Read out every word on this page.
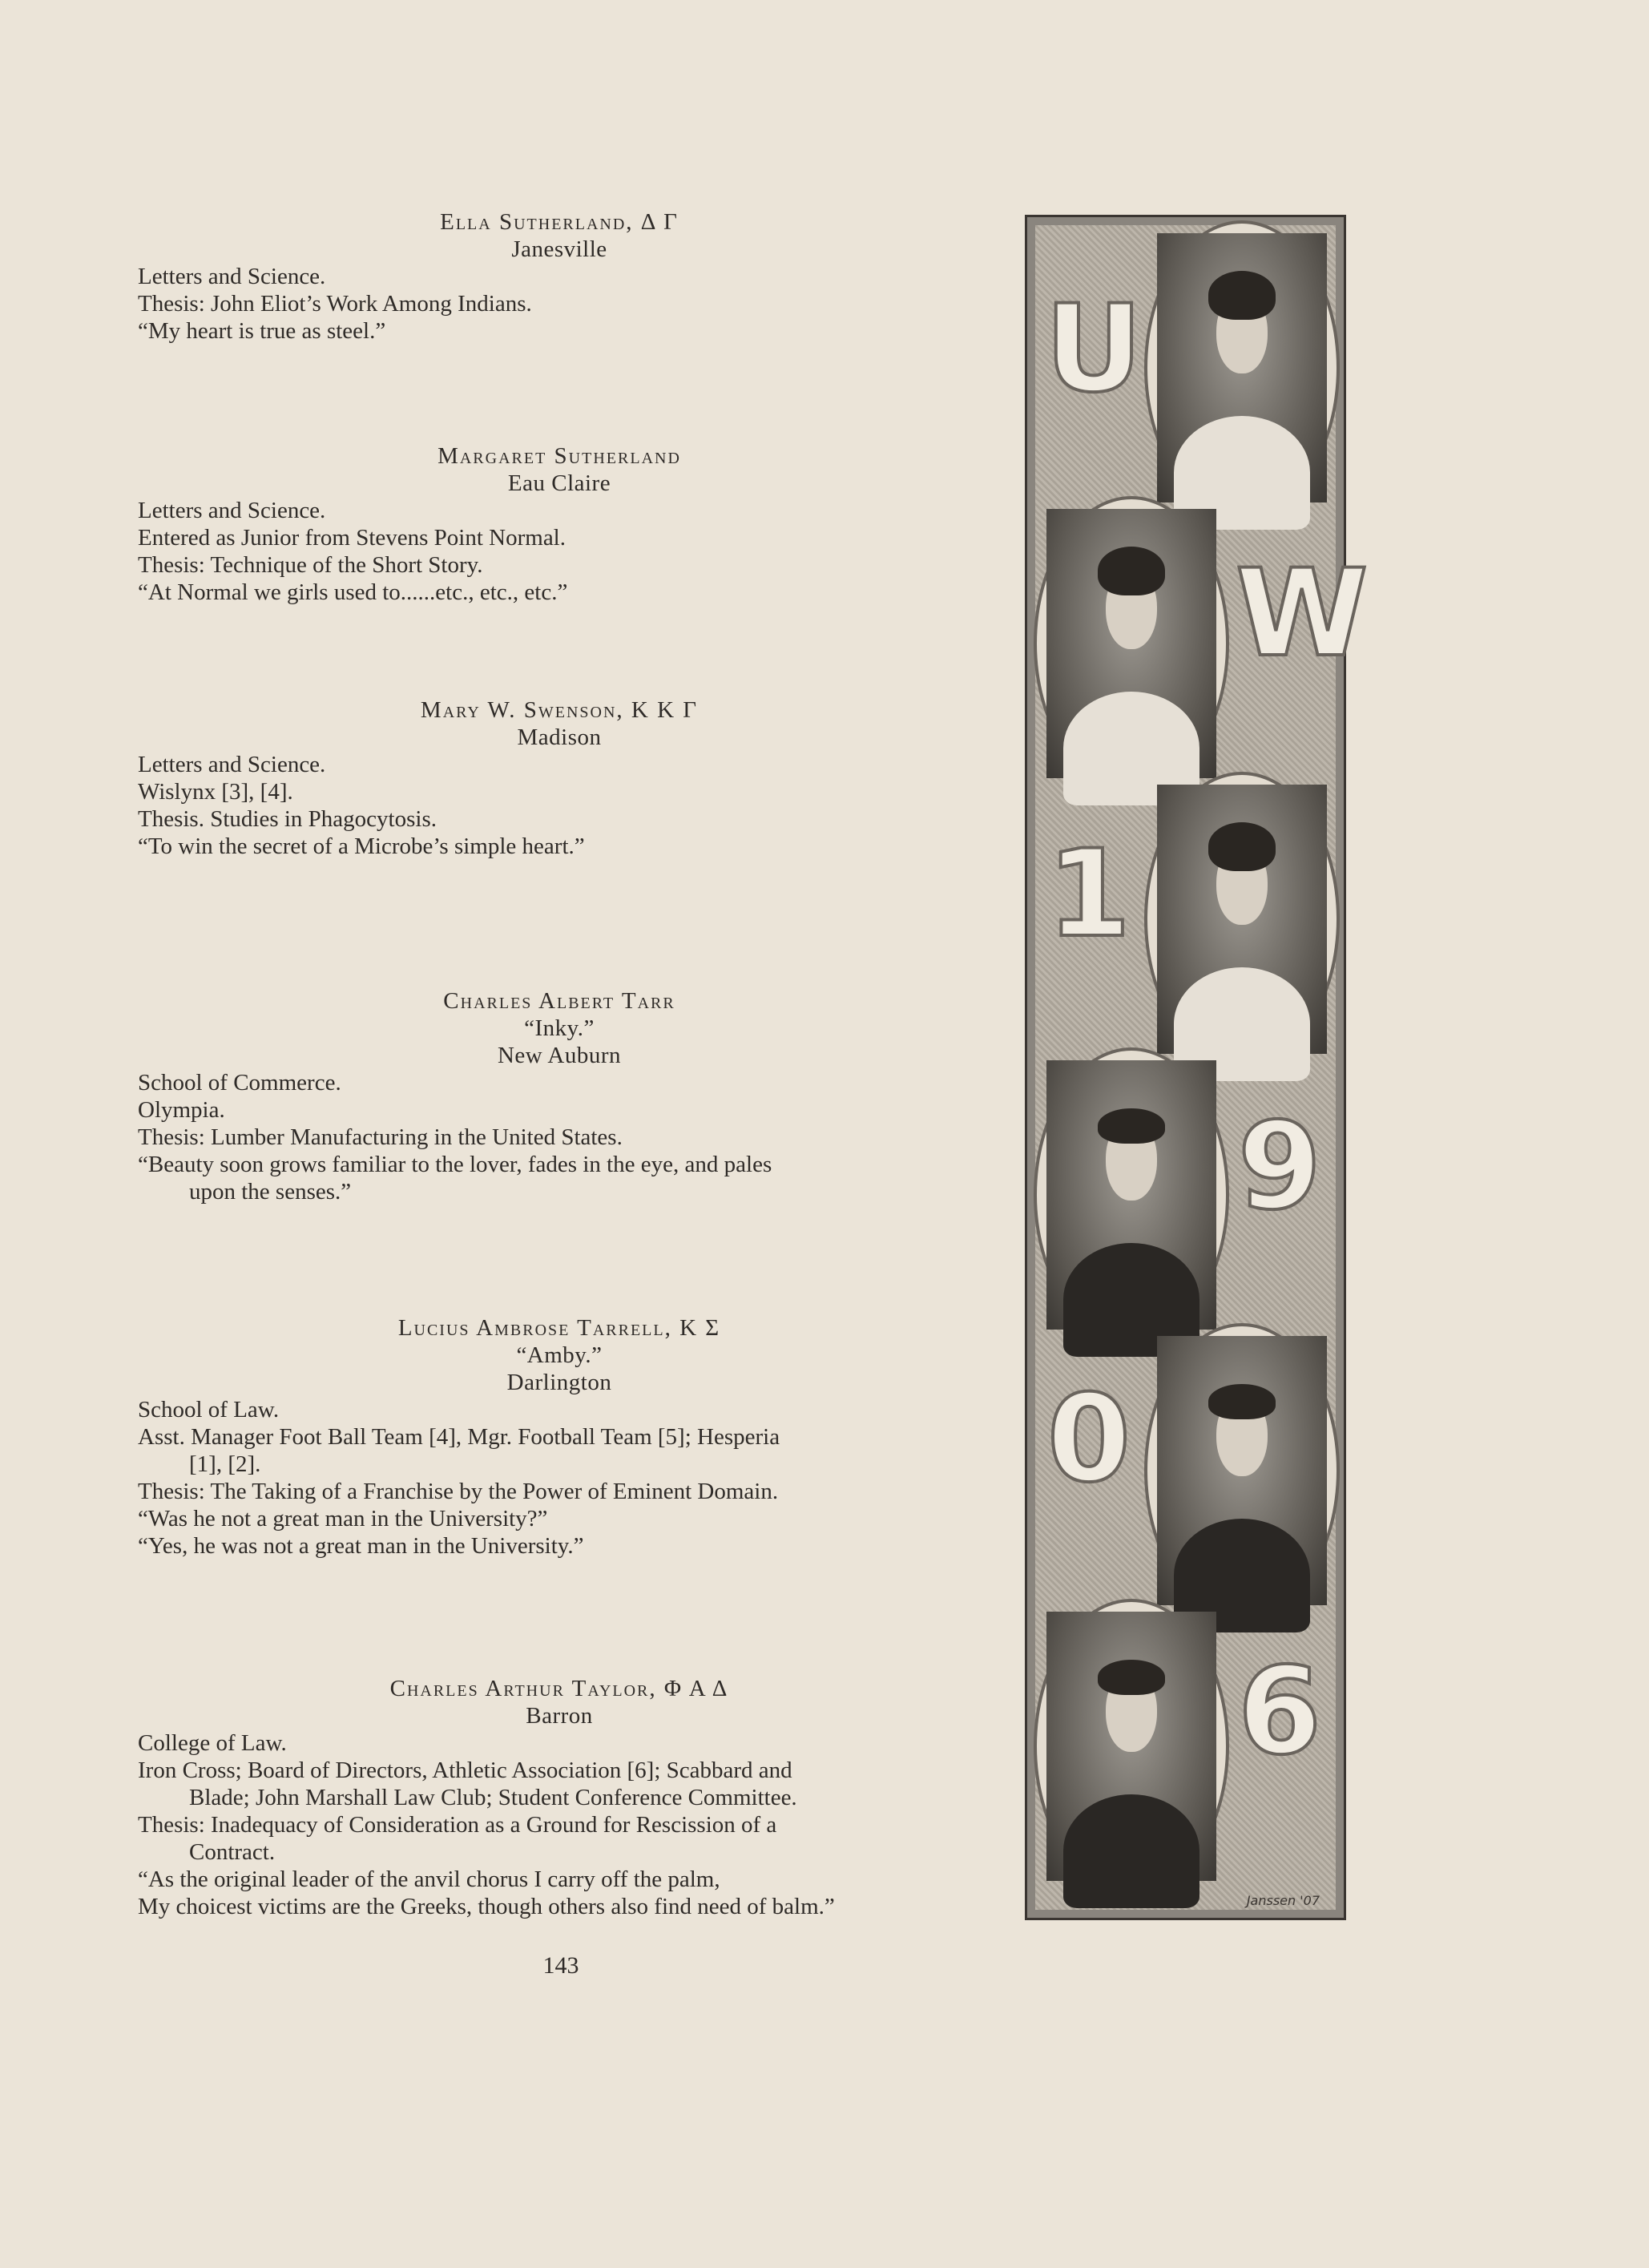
Ella Sutherland, Δ Γ
Janesville
Letters and Science.
Thesis: John Eliot’s Work Among Indians.
“My heart is true as steel.”
Margaret Sutherland
Eau Claire
Letters and Science.
Entered as Junior from Stevens Point Normal.
Thesis: Technique of the Short Story.
“At Normal we girls used to......etc., etc., etc.”
Mary W. Swenson, K K Γ
Madison
Letters and Science.
Wislynx [3], [4].
Thesis. Studies in Phagocytosis.
“To win the secret of a Microbe’s simple heart.”
Charles Albert Tarr
“Inky.”
New Auburn
School of Commerce.
Olympia.
Thesis: Lumber Manufacturing in the United States.
“Beauty soon grows familiar to the lover, fades in the eye, and pales
upon the senses.”
Lucius Ambrose Tarrell, K Σ
“Amby.”
Darlington
School of Law.
Asst. Manager Foot Ball Team [4], Mgr. Football Team [5]; Hesperia
[1], [2].
Thesis: The Taking of a Franchise by the Power of Eminent Domain.
“Was he not a great man in the University?”
“Yes, he was not a great man in the University.”
Charles Arthur Taylor, Φ Α Δ
Barron
College of Law.
Iron Cross; Board of Directors, Athletic Association [6]; Scabbard and
Blade; John Marshall Law Club; Student Conference Committee.
Thesis: Inadequacy of Consideration as a Ground for Rescission of a
Contract.
“As the original leader of the anvil chorus I carry off the palm,
My choicest victims are the Greeks, though others also find need of balm.”
143
U
W
1
9
0
6
Janssen '07
